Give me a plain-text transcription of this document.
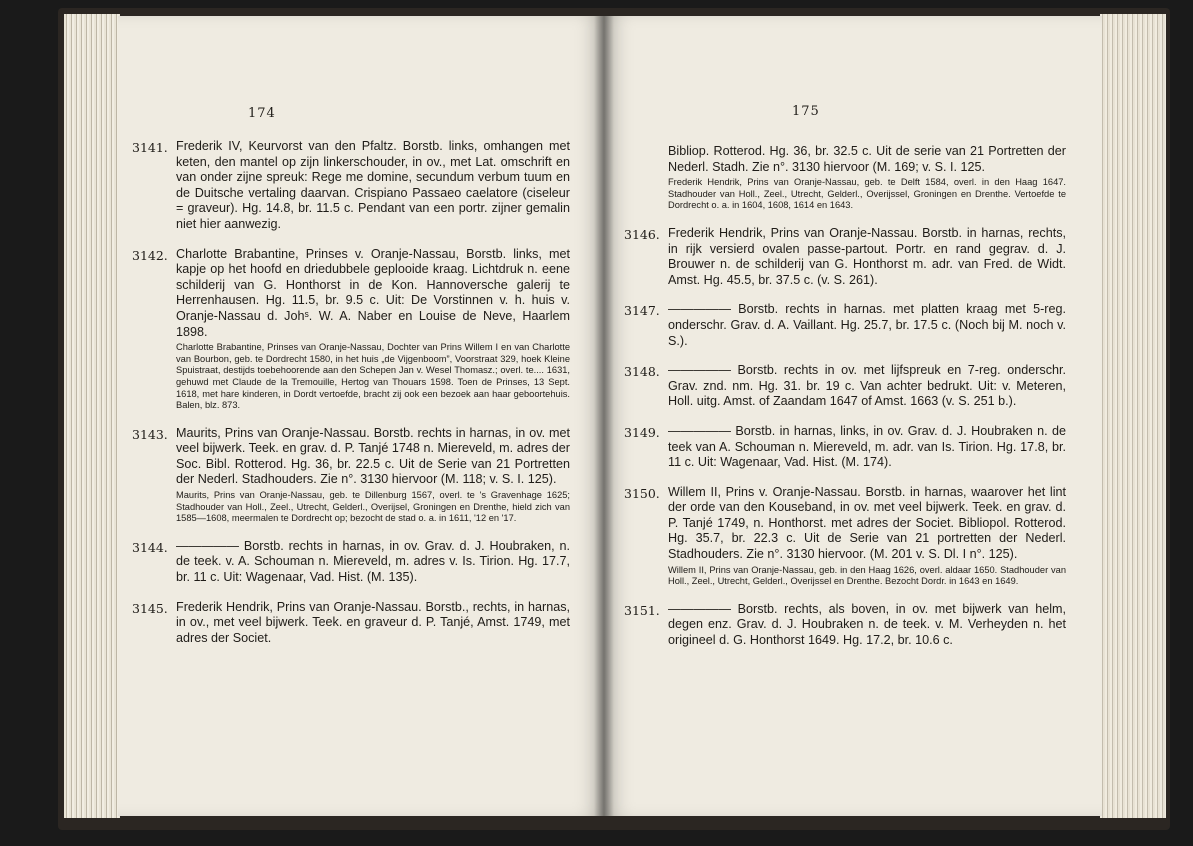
174
3141. Frederik IV, Keurvorst van den Pfaltz. Borstb. links, omhangen met keten, den mantel op zijn linkerschouder, in ov., met Lat. omschrift en van onder zijne spreuk: Rege me domine, secundum verbum tuum en de Duitsche vertaling daarvan. Crispiano Passaeo caelatore (ciseleur = graveur). Hg. 14.8, br. 11.5 c. Pendant van een portr. zijner gemalin niet hier aanwezig.
3142. Charlotte Brabantine, Prinses v. Oranje-Nassau, Borstb. links, met kapje op het hoofd en driedubbele geplooide kraag. Lichtdruk n. eene schilderij van G. Honthorst in de Kon. Hannoversche galerij te Herrenhausen. Hg. 11.5, br. 9.5 c. Uit: De Vorstinnen v. h. huis v. Oranje-Nassau d. Johˢ. W. A. Naber en Louise de Neve, Haarlem 1898.
Charlotte Brabantine, Prinses van Oranje-Nassau, Dochter van Prins Willem I en van Charlotte van Bourbon, geb. te Dordrecht 1580, in het huis „de Vijgenboom”, Voorstraat 329, hoek Kleine Spuistraat, destijds toebehoorende aan den Schepen Jan v. Wesel Thomasz.; overl. te.... 1631, gehuwd met Claude de la Tremouille, Hertog van Thouars 1598. Toen de Prinses, 13 Sept. 1618, met hare kinderen, in Dordt vertoefde, bracht zij ook een bezoek aan haar geboortehuis. Balen, blz. 873.
3143. Maurits, Prins van Oranje-Nassau. Borstb. rechts in harnas, in ov. met veel bijwerk. Teek. en grav. d. P. Tanjé 1748 n. Miereveld, m. adres der Soc. Bibl. Rotterod. Hg. 36, br. 22.5 c. Uit de Serie van 21 Portretten der Nederl. Stadhouders. Zie n°. 3130 hiervoor (M. 118; v. S. I. 125).
Maurits, Prins van Oranje-Nassau, geb. te Dillenburg 1567, overl. te 's Gravenhage 1625; Stadhouder van Holl., Zeel., Utrecht, Gelderl., Overijsel, Groningen en Drenthe, hield zich van 1585—1608, meermalen te Dordrecht op; bezocht de stad o. a. in 1611, '12 en '17.
3144. ————— Borstb. rechts in harnas, in ov. Grav. d. J. Houbraken, n. de teek. v. A. Schouman n. Miereveld, m. adres v. Is. Tirion. Hg. 17.7, br. 11 c. Uit: Wagenaar, Vad. Hist. (M. 135).
3145. Frederik Hendrik, Prins van Oranje-Nassau. Borstb., rechts, in harnas, in ov., met veel bijwerk. Teek. en graveur d. P. Tanjé, Amst. 1749, met adres der Societ.
175
Bibliop. Rotterod. Hg. 36, br. 32.5 c. Uit de serie van 21 Portretten der Nederl. Stadh. Zie n°. 3130 hiervoor (M. 169; v. S. I. 125.
Frederik Hendrik, Prins van Oranje-Nassau, geb. te Delft 1584, overl. in den Haag 1647. Stadhouder van Holl., Zeel., Utrecht, Gelderl., Overijssel, Groningen en Drenthe. Vertoefde te Dordrecht o. a. in 1604, 1608, 1614 en 1643.
3146. Frederik Hendrik, Prins van Oranje-Nassau. Borstb. in harnas, rechts, in rijk versierd ovalen passe-partout. Portr. en rand gegrav. d. J. Brouwer n. de schilderij van G. Honthorst m. adr. van Fred. de Widt. Amst. Hg. 45.5, br. 37.5 c. (v. S. 261).
3147. ————— Borstb. rechts in harnas. met platten kraag met 5-reg. onderschr. Grav. d. A. Vaillant. Hg. 25.7, br. 17.5 c. (Noch bij M. noch v. S.).
3148. ————— Borstb. rechts in ov. met lijfspreuk en 7-reg. onderschr. Grav. znd. nm. Hg. 31. br. 19 c. Van achter bedrukt. Uit: v. Meteren, Holl. uitg. Amst. of Zaandam 1647 of Amst. 1663 (v. S. 251 b.).
3149. ————— Borstb. in harnas, links, in ov. Grav. d. J. Houbraken n. de teek van A. Schouman n. Miereveld, m. adr. van Is. Tirion. Hg. 17.8, br. 11 c. Uit: Wagenaar, Vad. Hist. (M. 174).
3150. Willem II, Prins v. Oranje-Nassau. Borstb. in harnas, waarover het lint der orde van den Kouseband, in ov. met veel bijwerk. Teek. en grav. d. P. Tanjé 1749, n. Honthorst. met adres der Societ. Bibliopol. Rotterod. Hg. 35.7, br. 22.3 c. Uit de Serie van 21 portretten der Nederl. Stadhouders. Zie n°. 3130 hiervoor. (M. 201 v. S. Dl. I n°. 125).
Willem II, Prins van Oranje-Nassau, geb. in den Haag 1626, overl. aldaar 1650. Stadhouder van Holl., Zeel., Utrecht, Gelderl., Overijssel en Drenthe. Bezocht Dordr. in 1643 en 1649.
3151. ————— Borstb. rechts, als boven, in ov. met bijwerk van helm, degen enz. Grav. d. J. Houbraken n. de teek. v. M. Verheyden n. het origineel d. G. Honthorst 1649. Hg. 17.2, br. 10.6 c.
